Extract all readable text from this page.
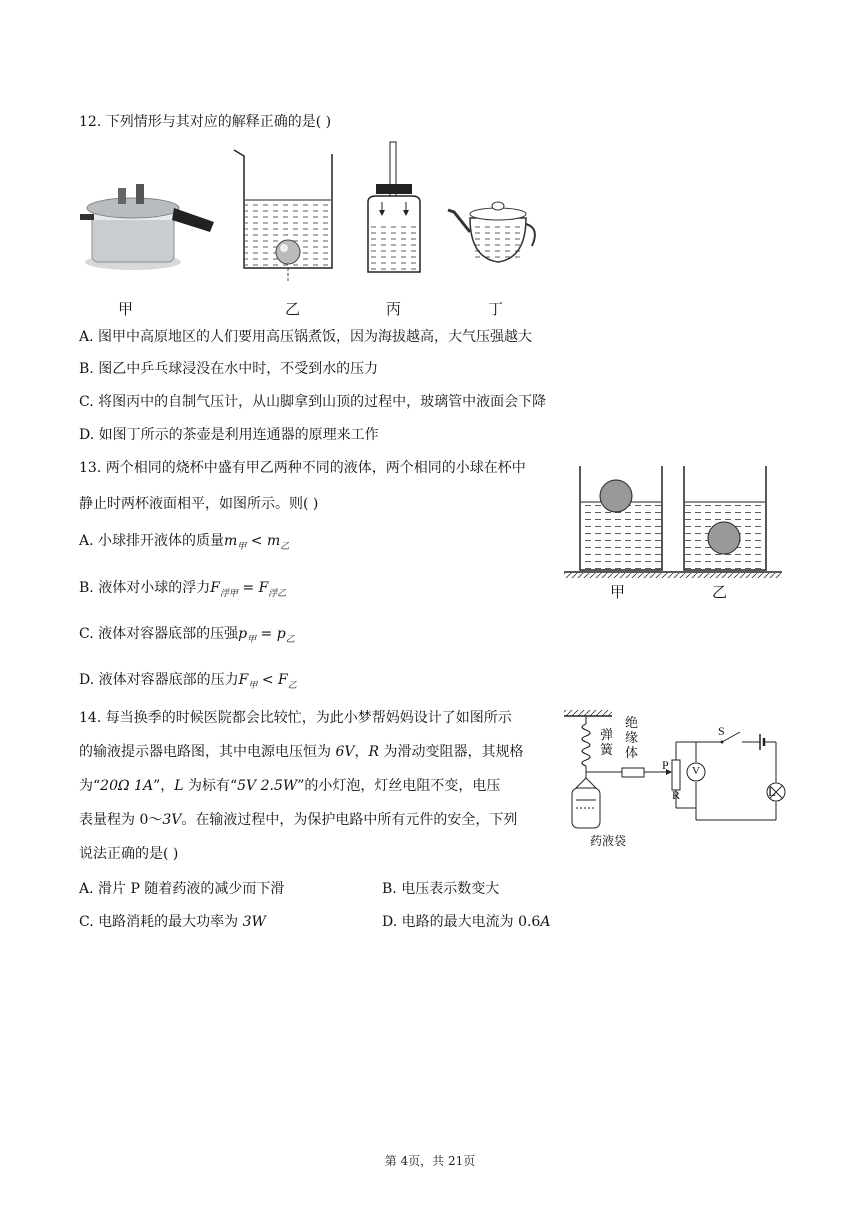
12. 下列情形与其对应的解释正确的是( )
甲	乙	丙	丁
A. 图甲中高原地区的人们要用高压锅煮饭，因为海拔越高，大气压强越大
B. 图乙中乒乓球浸没在水中时，不受到水的压力
C. 将图丙中的自制气压计，从山脚拿到山顶的过程中，玻璃管中液面会下降
D. 如图丁所示的茶壶是利用连通器的原理来工作
13. 两个相同的烧杯中盛有甲乙两种不同的液体，两个相同的小球在杯中
静止时两杯液面相平，如图所示。则( )
A. 小球排开液体的质量$m_甲 < m_乙$
B. 液体对小球的浮力$F_{浮甲} = F_{浮乙}$
C. 液体对容器底部的压强$p_甲 = p_乙$
D. 液体对容器底部的压力$F_甲 < F_乙$
甲	乙
14. 每当换季的时候医院都会比较忙，为此小梦帮妈妈设计了如图所示
的输液提示器电路图，其中电源电压恒为 6V，R 为滑动变阻器，其规格
为“20Ω 1A”，L 为标有“5V 2.5W”的小灯泡，灯丝电阻不变，电压
表量程为 0～3V。在输液过程中，为保护电路中所有元件的安全，下列
说法正确的是( )
A. 滑片 P 随着药液的减少而下滑	B. 电压表示数变大
C. 电路消耗的最大功率为 3W	D. 电路的最大电流为 0.6A
弹簧
绝缘体
药液袋
P
R
V
S
L
第 4页，共 21页
